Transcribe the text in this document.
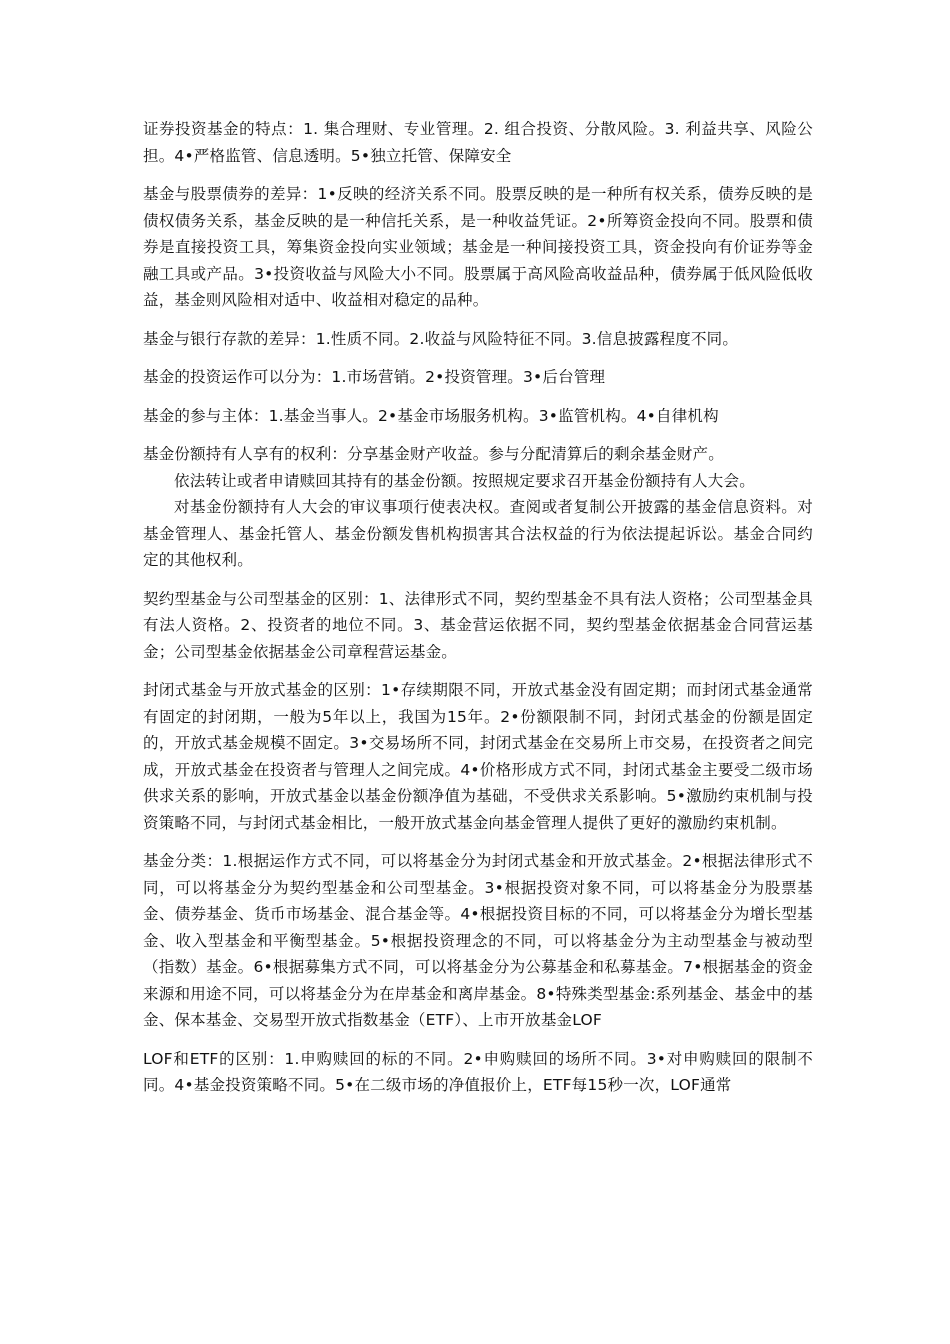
证券投资基金的特点：1. 集合理财、专业管理。2. 组合投资、分散风险。3. 利益共享、风险公担。4•严格监管、信息透明。5•独立托管、保障安全

基金与股票债券的差异：1•反映的经济关系不同。股票反映的是一种所有权关系，债券反映的是债权债务关系，基金反映的是一种信托关系，是一种收益凭证。2•所筹资金投向不同。股票和债券是直接投资工具，筹集资金投向实业领域；基金是一种间接投资工具，资金投向有价证券等金融工具或产品。3•投资收益与风险大小不同。股票属于高风险高收益品种，债券属于低风险低收益，基金则风险相对适中、收益相对稳定的品种。

基金与银行存款的差异：1.性质不同。2.收益与风险特征不同。3.信息披露程度不同。

基金的投资运作可以分为：1.市场营销。2•投资管理。3•后台管理

基金的参与主体：1.基金当事人。2•基金市场服务机构。3•监管机构。4•自律机构

基金份额持有人享有的权利：分享基金财产收益。参与分配清算后的剩余基金财产。

依法转让或者申请赎回其持有的基金份额。按照规定要求召开基金份额持有人大会。

对基金份额持有人大会的审议事项行使表决权。查阅或者复制公开披露的基金信息资料。对基金管理人、基金托管人、基金份额发售机构损害其合法权益的行为依法提起诉讼。基金合同约定的其他权利。

契约型基金与公司型基金的区别：1、法律形式不同，契约型基金不具有法人资格；公司型基金具有法人资格。2、投资者的地位不同。3、基金营运依据不同，契约型基金依据基金合同营运基金；公司型基金依据基金公司章程营运基金。

封闭式基金与开放式基金的区别：1•存续期限不同，开放式基金没有固定期；而封闭式基金通常有固定的封闭期，一般为5年以上，我国为15年。2•份额限制不同，封闭式基金的份额是固定的，开放式基金规模不固定。3•交易场所不同，封闭式基金在交易所上市交易，在投资者之间完成，开放式基金在投资者与管理人之间完成。4•价格形成方式不同，封闭式基金主要受二级市场供求关系的影响，开放式基金以基金份额净值为基础，不受供求关系影响。5•激励约束机制与投资策略不同，与封闭式基金相比，一般开放式基金向基金管理人提供了更好的激励约束机制。

基金分类：1.根据运作方式不同，可以将基金分为封闭式基金和开放式基金。2•根据法律形式不同，可以将基金分为契约型基金和公司型基金。3•根据投资对象不同，可以将基金分为股票基金、债券基金、货币市场基金、混合基金等。4•根据投资目标的不同，可以将基金分为增长型基金、收入型基金和平衡型基金。5•根据投资理念的不同，可以将基金分为主动型基金与被动型（指数）基金。6•根据募集方式不同，可以将基金分为公募基金和私募基金。7•根据基金的资金来源和用途不同，可以将基金分为在岸基金和离岸基金。8•特殊类型基金:系列基金、基金中的基金、保本基金、交易型开放式指数基金（ETF）、上市开放基金LOF

LOF和ETF的区别：1.申购赎回的标的不同。2•申购赎回的场所不同。3•对申购赎回的限制不同。4•基金投资策略不同。5•在二级市场的净值报价上，ETF每15秒一次，LOF通常
